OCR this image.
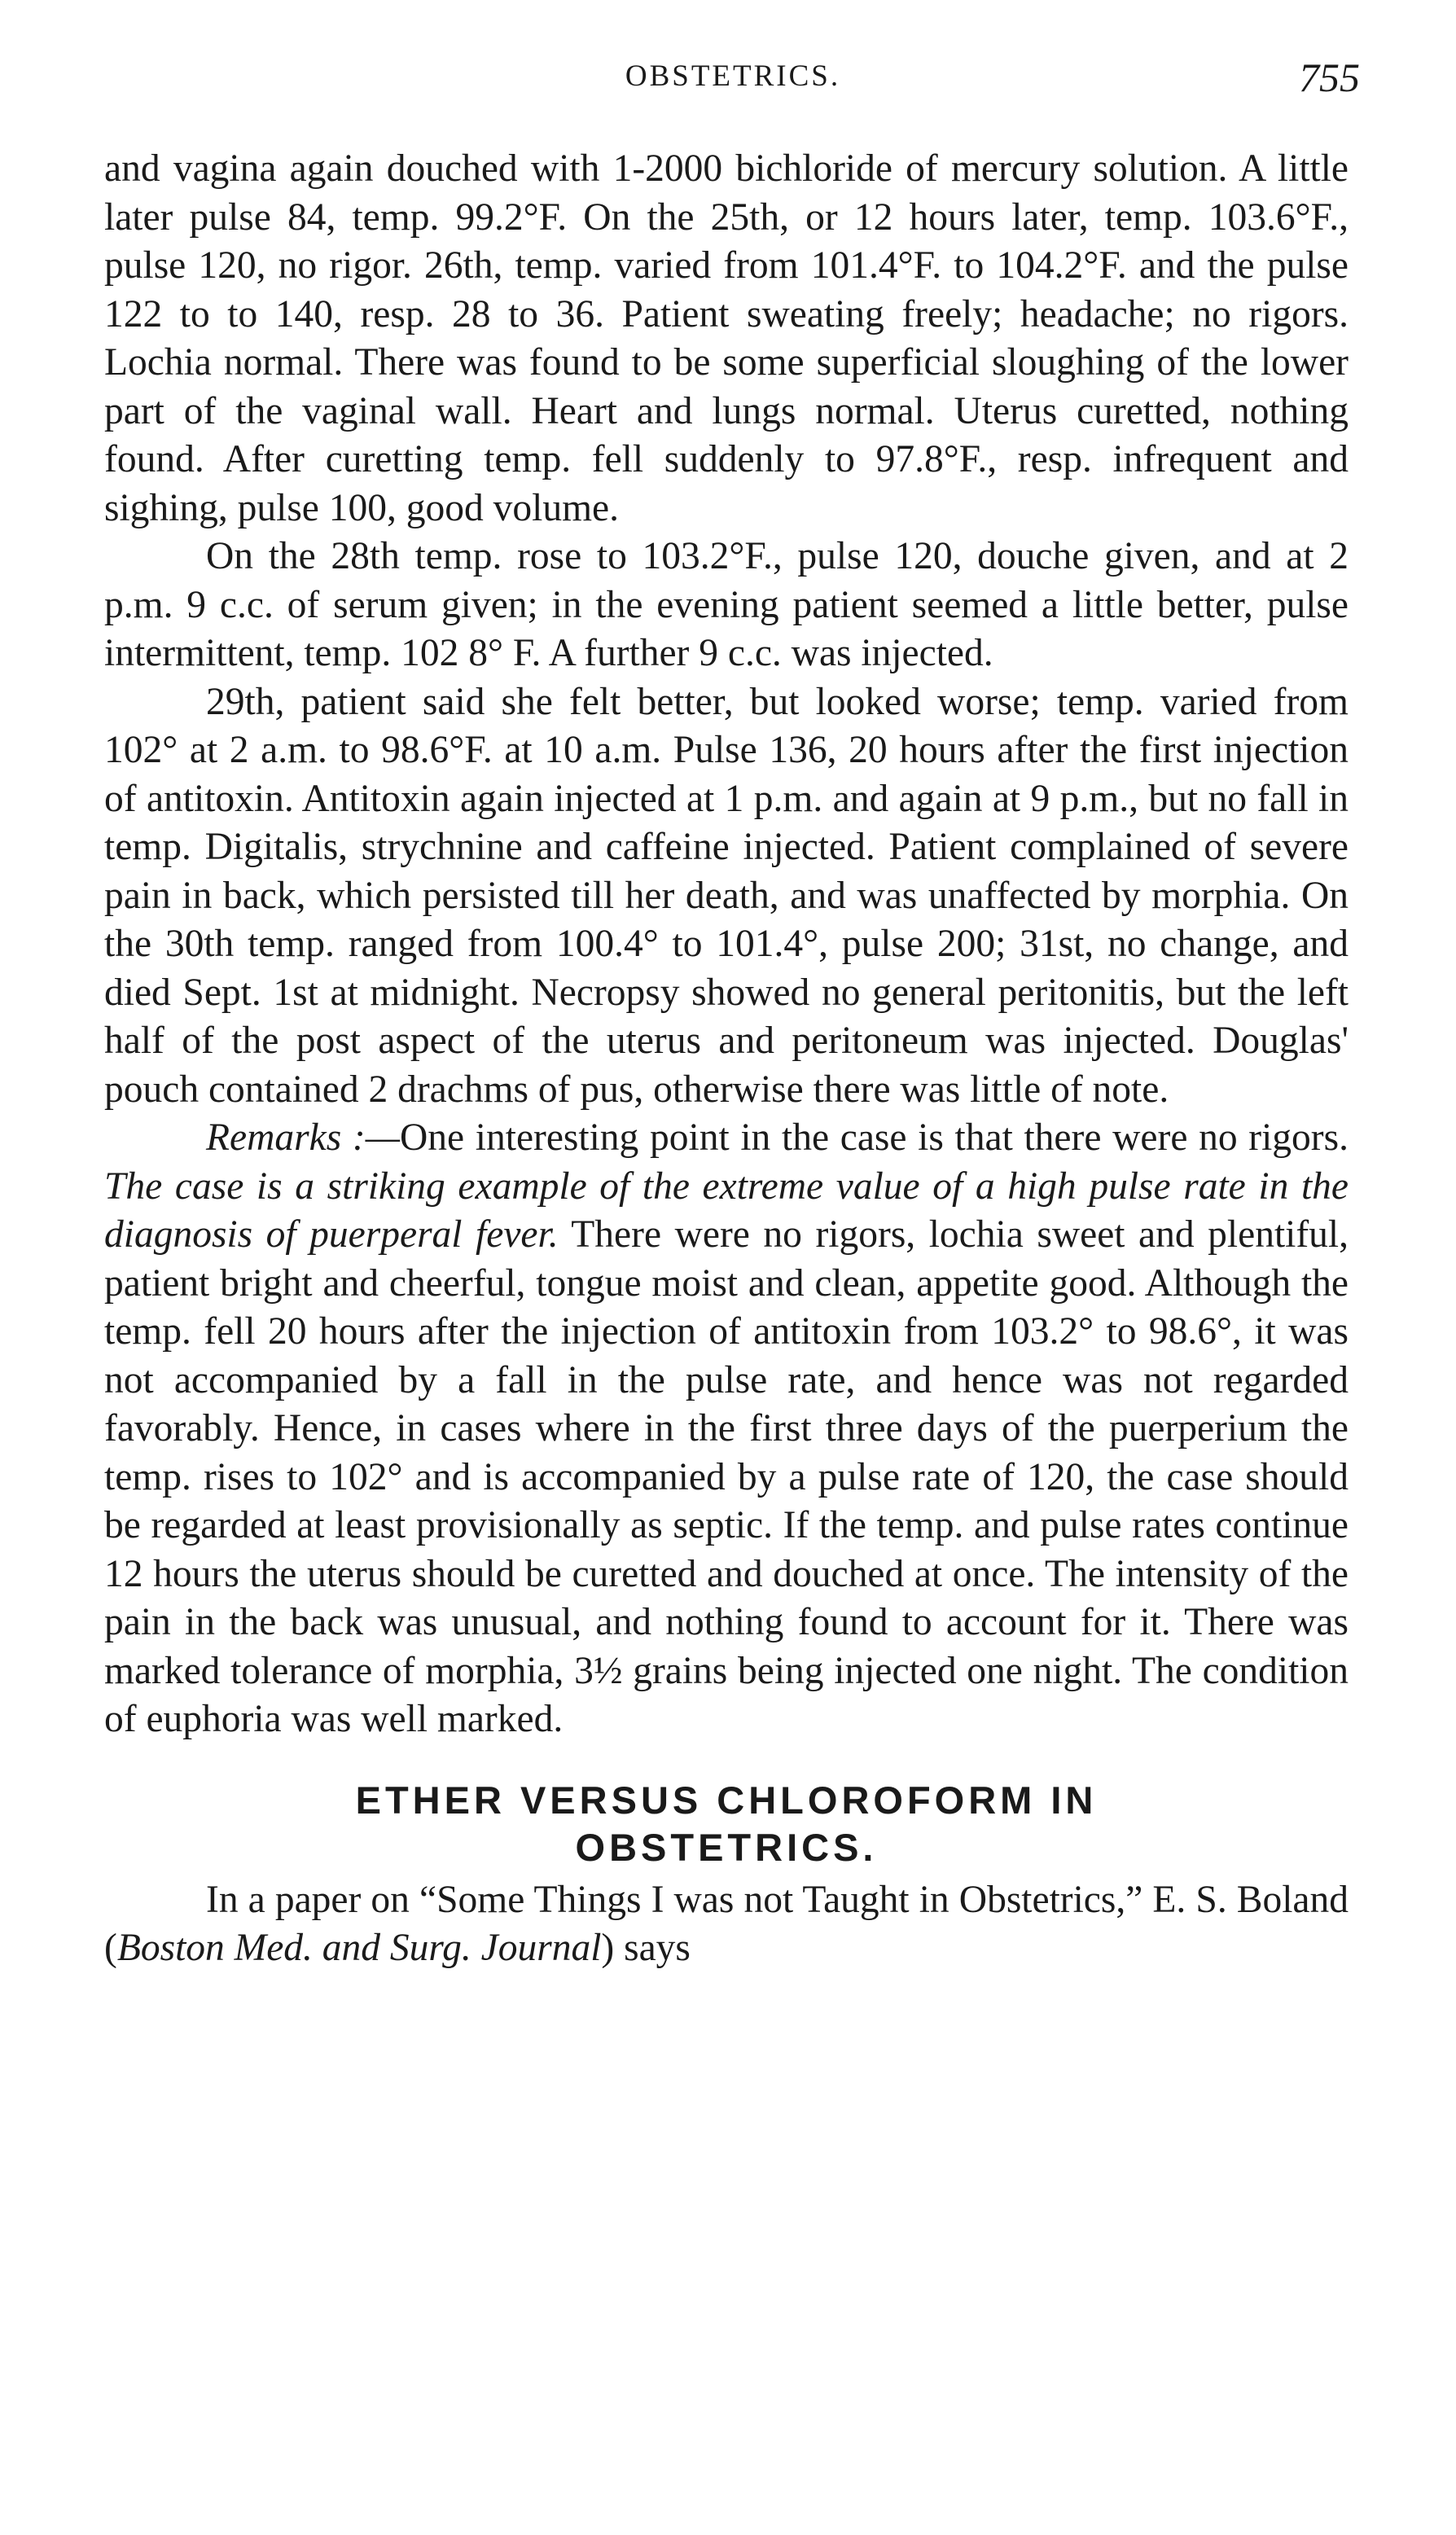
OBSTETRICS.	755

and vagina again douched with 1-2000 bichloride of mercury solution. A little later pulse 84, temp. 99.2°F. On the 25th, or 12 hours later, temp. 103.6°F., pulse 120, no rigor. 26th, temp. varied from 101.4°F. to 104.2°F. and the pulse 122 to to 140, resp. 28 to 36. Patient sweating freely; headache; no rigors. Lochia normal. There was found to be some superficial sloughing of the lower part of the vaginal wall. Heart and lungs normal. Uterus curetted, nothing found. After curetting temp. fell suddenly to 97.8°F., resp. infrequent and sighing, pulse 100, good volume.

On the 28th temp. rose to 103.2°F., pulse 120, douche given, and at 2 p.m. 9 c.c. of serum given; in the evening patient seemed a little better, pulse intermittent, temp. 102 8° F. A further 9 c.c. was injected.

29th, patient said she felt better, but looked worse; temp. varied from 102° at 2 a.m. to 98.6°F. at 10 a.m. Pulse 136, 20 hours after the first injection of antitoxin. Antitoxin again injected at 1 p.m. and again at 9 p.m., but no fall in temp. Digitalis, strychnine and caffeine injected. Patient complained of severe pain in back, which persisted till her death, and was unaffected by morphia. On the 30th temp. ranged from 100.4° to 101.4°, pulse 200; 31st, no change, and died Sept. 1st at midnight. Necropsy showed no general peritonitis, but the left half of the post aspect of the uterus and peritoneum was injected. Douglas' pouch contained 2 drachms of pus, otherwise there was little of note.

Remarks :—One interesting point in the case is that there were no rigors. The case is a striking example of the extreme value of a high pulse rate in the diagnosis of puerperal fever. There were no rigors, lochia sweet and plentiful, patient bright and cheerful, tongue moist and clean, appetite good. Although the temp. fell 20 hours after the injection of antitoxin from 103.2° to 98.6°, it was not accompanied by a fall in the pulse rate, and hence was not regarded favorably. Hence, in cases where in the first three days of the puerperium the temp. rises to 102° and is accompanied by a pulse rate of 120, the case should be regarded at least provisionally as septic. If the temp. and pulse rates continue 12 hours the uterus should be curetted and douched at once. The intensity of the pain in the back was unusual, and nothing found to account for it. There was marked tolerance of morphia, 3½ grains being injected one night. The condition of euphoria was well marked.

ETHER VERSUS CHLOROFORM IN
OBSTETRICS.

In a paper on “Some Things I was not Taught in Obstetrics,” E. S. Boland (Boston Med. and Surg. Journal) says
